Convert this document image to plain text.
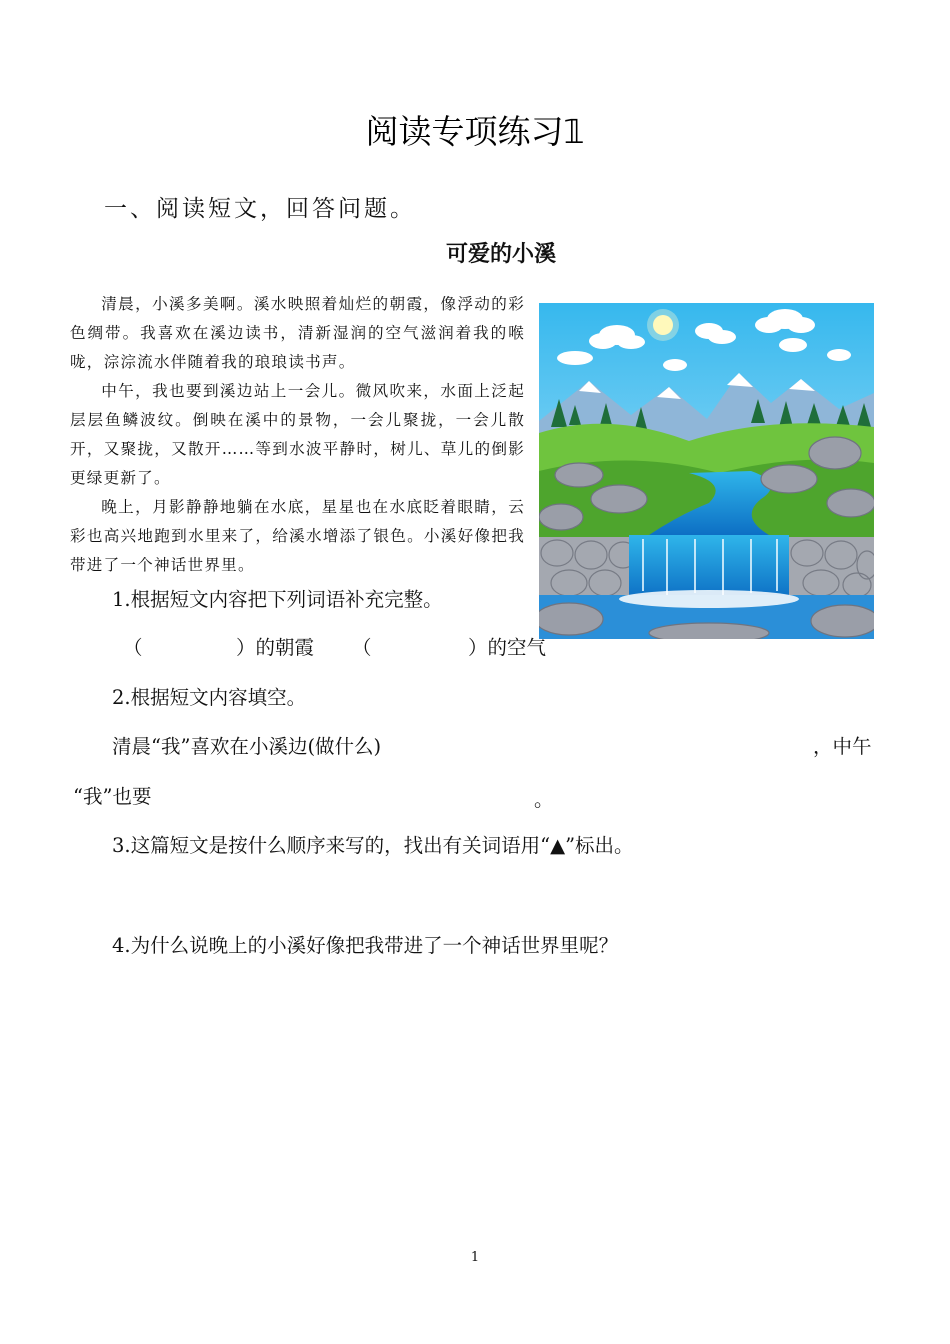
阅读专项练习𝟙
一、阅读短文，回答问题。
可爱的小溪

清晨，小溪多美啊。溪水映照着灿烂的朝霞，像浮动的彩色绸带。我喜欢在溪边读书，清新湿润的空气滋润着我的喉咙，淙淙流水伴随着我的琅琅读书声。

中午，我也要到溪边站上一会儿。微风吹来，水面上泛起层层鱼鳞波纹。倒映在溪中的景物，一会儿聚拢，一会儿散开，又聚拢，又散开……等到水波平静时，树儿、草儿的倒影更绿更新了。

晚上，月影静静地躺在水底，星星也在水底眨着眼睛，云彩也高兴地跑到水里来了，给溪水增添了银色。小溪好像把我带进了一个神话世界里。

1.根据短文内容把下列词语补充完整。
（	）的朝霞 （	）的空气
2.根据短文内容填空。
清晨“我”喜欢在小溪边(做什么)	，中午
“我”也要	。
3.这篇短文是按什么顺序来写的，找出有关词语用“▲”标出。
4.为什么说晚上的小溪好像把我带进了一个神话世界里呢？
1
